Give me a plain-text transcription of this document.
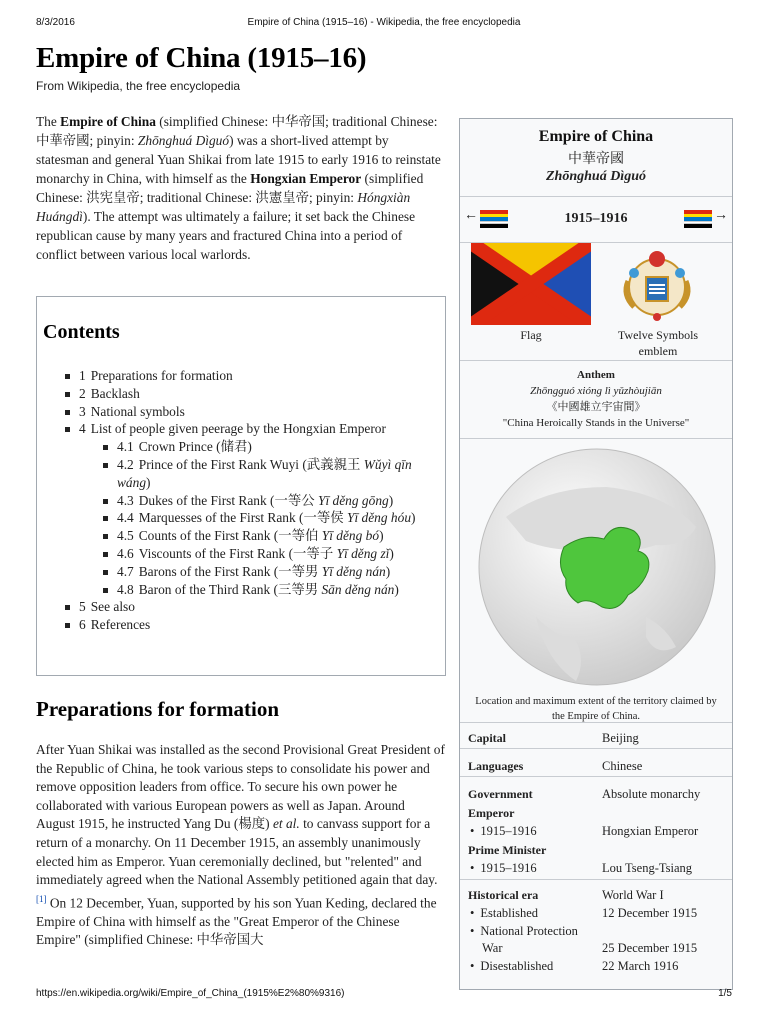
8/3/2016	Empire of China (1915–16) - Wikipedia, the free encyclopedia
Empire of China (1915–16)
From Wikipedia, the free encyclopedia

The Empire of China (simplified Chinese: 中华帝国; traditional Chinese: 中華帝國; pinyin: Zhōnghuá Dìguó) was a short-lived attempt by statesman and general Yuan Shikai from late 1915 to early 1916 to reinstate monarchy in China, with himself as the Hongxian Emperor (simplified Chinese: 洪宪皇帝; traditional Chinese: 洪憲皇帝; pinyin: Hóngxiàn Huángdì). The attempt was ultimately a failure; it set back the Chinese republican cause by many years and fractured China into a period of conflict between various local warlords.

Contents
1 Preparations for formation
2 Backlash
3 National symbols
4 List of people given peerage by the Hongxian Emperor
4.1 Crown Prince (储君)
4.2 Prince of the First Rank Wuyi (武義親王 Wǔyì qīn wáng)
4.3 Dukes of the First Rank (一等公 Yī děng gōng)
4.4 Marquesses of the First Rank (一等侯 Yī děng hóu)
4.5 Counts of the First Rank (一等伯 Yī děng bó)
4.6 Viscounts of the First Rank (一等子 Yī děng zǐ)
4.7 Barons of the First Rank (一等男 Yī děng nán)
4.8 Baron of the Third Rank (三等男 Sān děng nán)
5 See also
6 References
Preparations for formation

After Yuan Shikai was installed as the second Provisional Great President of the Republic of China, he took various steps to consolidate his power and remove opposition leaders from office. To secure his own power he collaborated with various European powers as well as Japan. Around August 1915, he instructed Yang Du (楊度) et al. to canvass support for a return of a monarchy. On 11 December 1915, an assembly unanimously elected him as Emperor. Yuan ceremonially declined, but "relented" and immediately agreed when the National Assembly petitioned again that day.[1] On 12 December, Yuan, supported by his son Yuan Keding, declared the Empire of China with himself as the "Great Emperor of the Chinese Empire" (simplified Chinese: 中华帝国大

Empire of China
中華帝國
Zhōnghuá Dìguó
←	1915–1916	→
Flag	Twelve Symbols
emblem
Anthem
Zhōngguó xióng lì yǔzhòujiān
《中國雄立宇宙間》
"China Heroically Stands in the Universe"
Location and maximum extent of the territory claimed by
the Empire of China.
Capital	Beijing
Languages	Chinese
Government	Absolute monarchy
Emperor
• 1915–1916	Hongxian Emperor
Prime Minister
• 1915–1916	Lou Tseng-Tsiang
Historical era	World War I
• Established	12 December 1915
• National Protection
War	25 December 1915
• Disestablished	22 March 1916
https://en.wikipedia.org/wiki/Empire_of_China_(1915%E2%80%9316)	1/5
